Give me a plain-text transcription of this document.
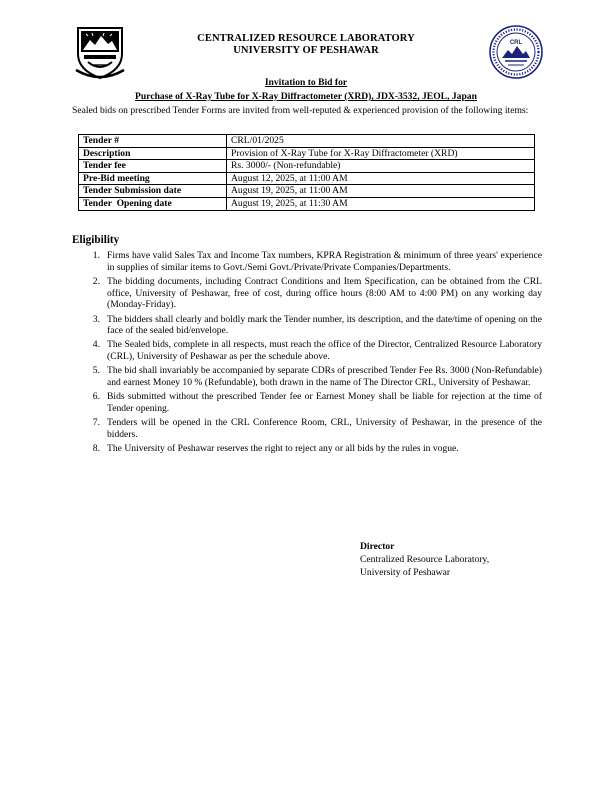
CRL
CENTRALIZED RESOURCE LABORATORY
UNIVERSITY OF PESHAWAR
Invitation to Bid for
Purchase of X-Ray Tube for X-Ray Diffractometer (XRD), JDX-3532, JEOL, Japan
Sealed bids on prescribed Tender Forms are invited from well-reputed & experienced provision of the following items:
Tender #	CRL/01/2025
Description	Provision of X-Ray Tube for X-Ray Diffractometer (XRD)
Tender fee	Rs. 3000/- (Non-refundable)
Pre-Bid meeting	August 12, 2025, at 11:00 AM
Tender Submission date	August 19, 2025, at 11:00 AM
Tender  Opening date	August 19, 2025, at 11:30 AM
Eligibility
1. Firms have valid Sales Tax and Income Tax numbers, KPRA Registration & minimum of three years' experience in supplies of similar items to Govt./Semi Govt./Private/Private Companies/Departments.
2. The bidding documents, including Contract Conditions and Item Specification, can be obtained from the CRL office, University of Peshawar, free of cost, during office hours (8:00 AM to 4:00 PM) on any working day (Monday-Friday).
3. The bidders shall clearly and boldly mark the Tender number, its description, and the date/time of opening on the face of the sealed bid/envelope.
4. The Sealed bids, complete in all respects, must reach the office of the Director, Centralized Resource Laboratory (CRL), University of Peshawar as per the schedule above.
5. The bid shall invariably be accompanied by separate CDRs of prescribed Tender Fee Rs. 3000 (Non-Refundable) and earnest Money 10 % (Refundable), both drawn in the name of The Director CRL, University of Peshawar.
6. Bids submitted without the prescribed Tender fee or Earnest Money shall be liable for rejection at the time of Tender opening.
7. Tenders will be opened in the CRL Conference Room, CRL, University of Peshawar, in the presence of the bidders.
8. The University of Peshawar reserves the right to reject any or all bids by the rules in vogue.
Director
Centralized Resource Laboratory,
University of Peshawar
